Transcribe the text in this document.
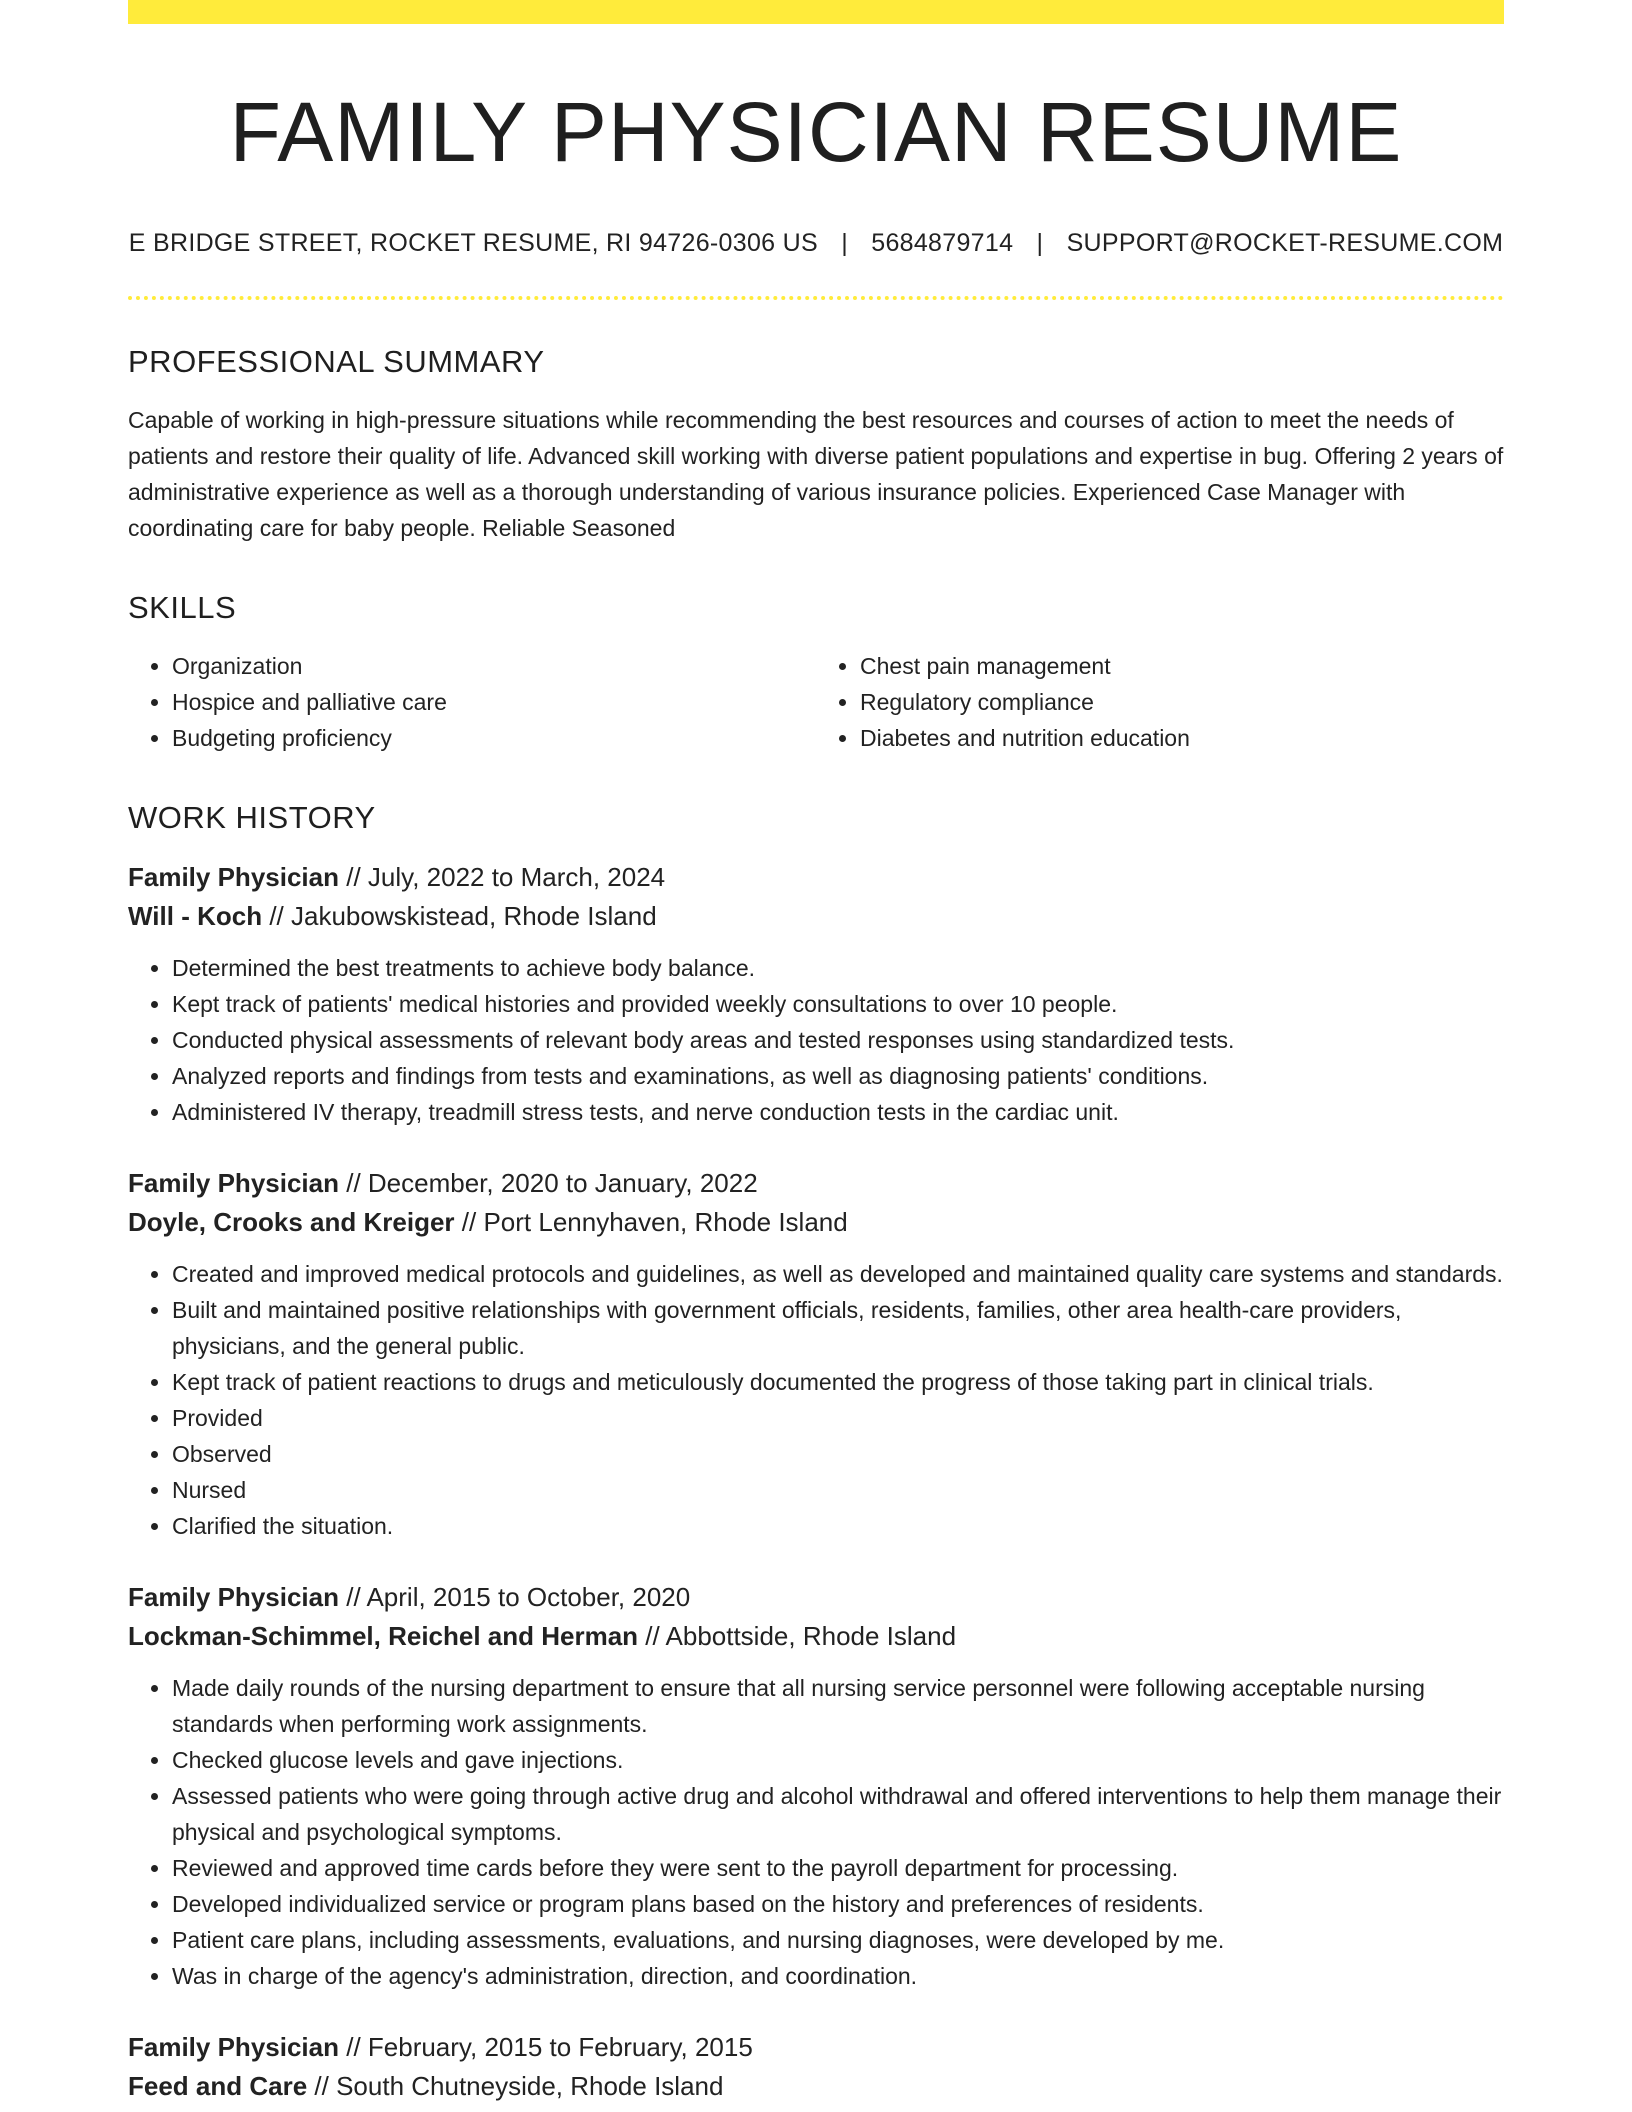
FAMILY PHYSICIAN RESUME
E BRIDGE STREET, ROCKET RESUME, RI 94726-0306 US | 5684879714 | SUPPORT@ROCKET-RESUME.COM
PROFESSIONAL SUMMARY

Capable of working in high-pressure situations while recommending the best resources and courses of action to meet the needs of patients and restore their quality of life. Advanced skill working with diverse patient populations and expertise in bug. Offering 2 years of administrative experience as well as a thorough understanding of various insurance policies. Experienced Case Manager with coordinating care for baby people. Reliable Seasoned

SKILLS
• Organization
• Hospice and palliative care
• Budgeting proficiency
• Chest pain management
• Regulatory compliance
• Diabetes and nutrition education
WORK HISTORY
Family Physician // July, 2022 to March, 2024
Will - Koch // Jakubowskistead, Rhode Island
• Determined the best treatments to achieve body balance.
• Kept track of patients' medical histories and provided weekly consultations to over 10 people.
• Conducted physical assessments of relevant body areas and tested responses using standardized tests.
• Analyzed reports and findings from tests and examinations, as well as diagnosing patients' conditions.
• Administered IV therapy, treadmill stress tests, and nerve conduction tests in the cardiac unit.
Family Physician // December, 2020 to January, 2022
Doyle, Crooks and Kreiger // Port Lennyhaven, Rhode Island
• Created and improved medical protocols and guidelines, as well as developed and maintained quality care systems and standards.
• Built and maintained positive relationships with government officials, residents, families, other area health-care providers, physicians, and the general public.
• Kept track of patient reactions to drugs and meticulously documented the progress of those taking part in clinical trials.
• Provided
• Observed
• Nursed
• Clarified the situation.
Family Physician // April, 2015 to October, 2020
Lockman-Schimmel, Reichel and Herman // Abbottside, Rhode Island
• Made daily rounds of the nursing department to ensure that all nursing service personnel were following acceptable nursing standards when performing work assignments.
• Checked glucose levels and gave injections.
• Assessed patients who were going through active drug and alcohol withdrawal and offered interventions to help them manage their physical and psychological symptoms.
• Reviewed and approved time cards before they were sent to the payroll department for processing.
• Developed individualized service or program plans based on the history and preferences of residents.
• Patient care plans, including assessments, evaluations, and nursing diagnoses, were developed by me.
• Was in charge of the agency's administration, direction, and coordination.
Family Physician // February, 2015 to February, 2015
Feed and Care // South Chutneyside, Rhode Island
